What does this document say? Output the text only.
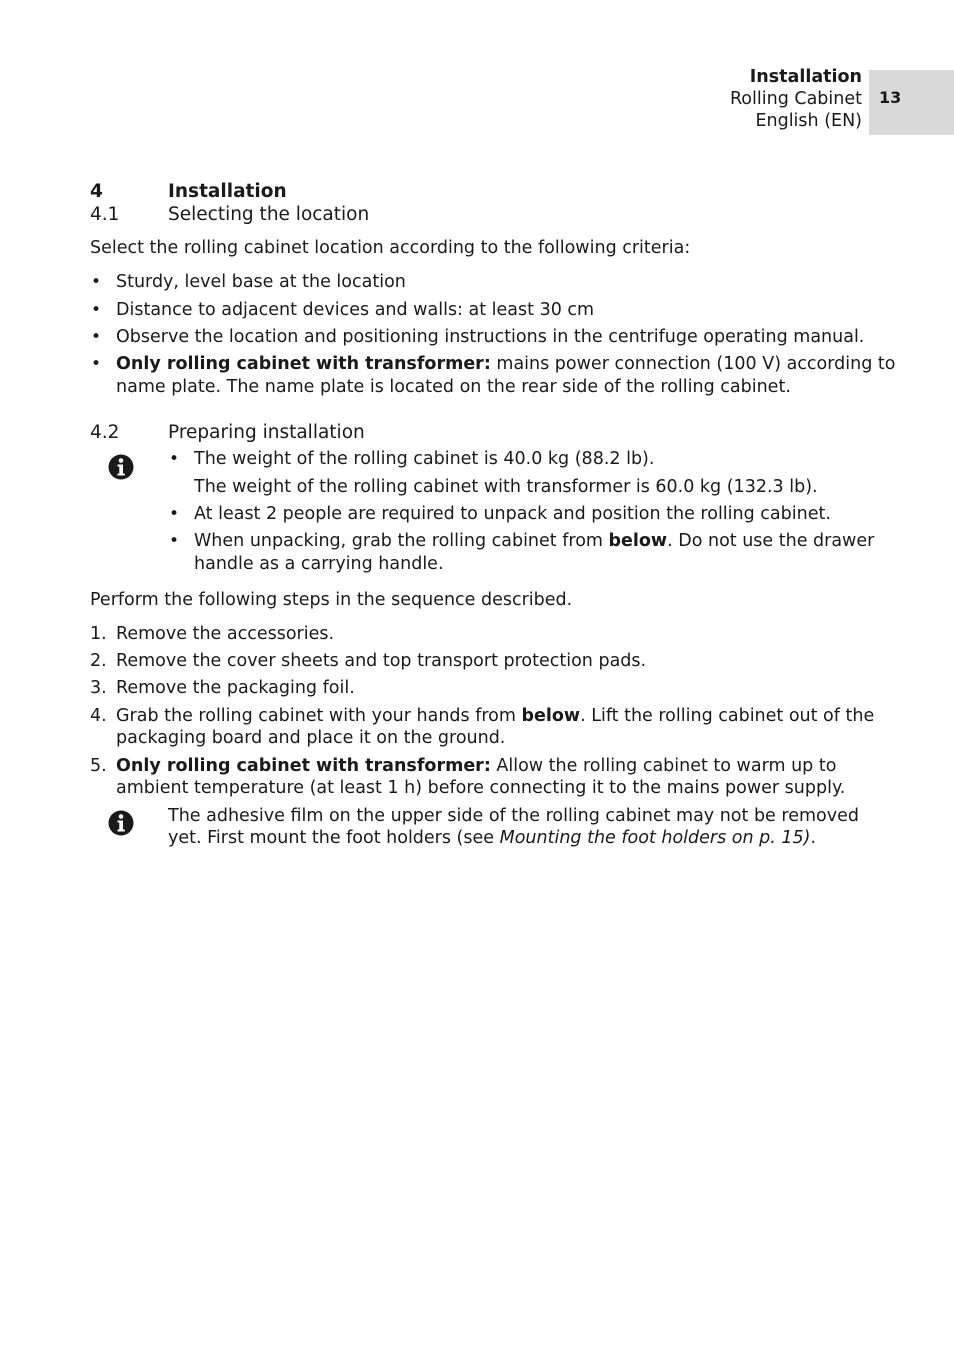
Installation
Rolling Cabinet
English (EN)
13
4	Installation
4.1	Selecting the location
Select the rolling cabinet location according to the following criteria:
• Sturdy, level base at the location
• Distance to adjacent devices and walls: at least 30 cm
• Observe the location and positioning instructions in the centrifuge operating manual.
• Only rolling cabinet with transformer: mains power connection (100 V) according to
name plate. The name plate is located on the rear side of the rolling cabinet.
4.2	Preparing installation
• The weight of the rolling cabinet is 40.0 kg (88.2 lb).
The weight of the rolling cabinet with transformer is 60.0 kg (132.3 lb).
• At least 2 people are required to unpack and position the rolling cabinet.
• When unpacking, grab the rolling cabinet from below. Do not use the drawer
handle as a carrying handle.
Perform the following steps in the sequence described.
1. Remove the accessories.
2. Remove the cover sheets and top transport protection pads.
3. Remove the packaging foil.
4. Grab the rolling cabinet with your hands from below. Lift the rolling cabinet out of the
packaging board and place it on the ground.
5. Only rolling cabinet with transformer: Allow the rolling cabinet to warm up to
ambient temperature (at least 1 h) before connecting it to the mains power supply.
The adhesive film on the upper side of the rolling cabinet may not be removed
yet. First mount the foot holders (see Mounting the foot holders on p. 15).
